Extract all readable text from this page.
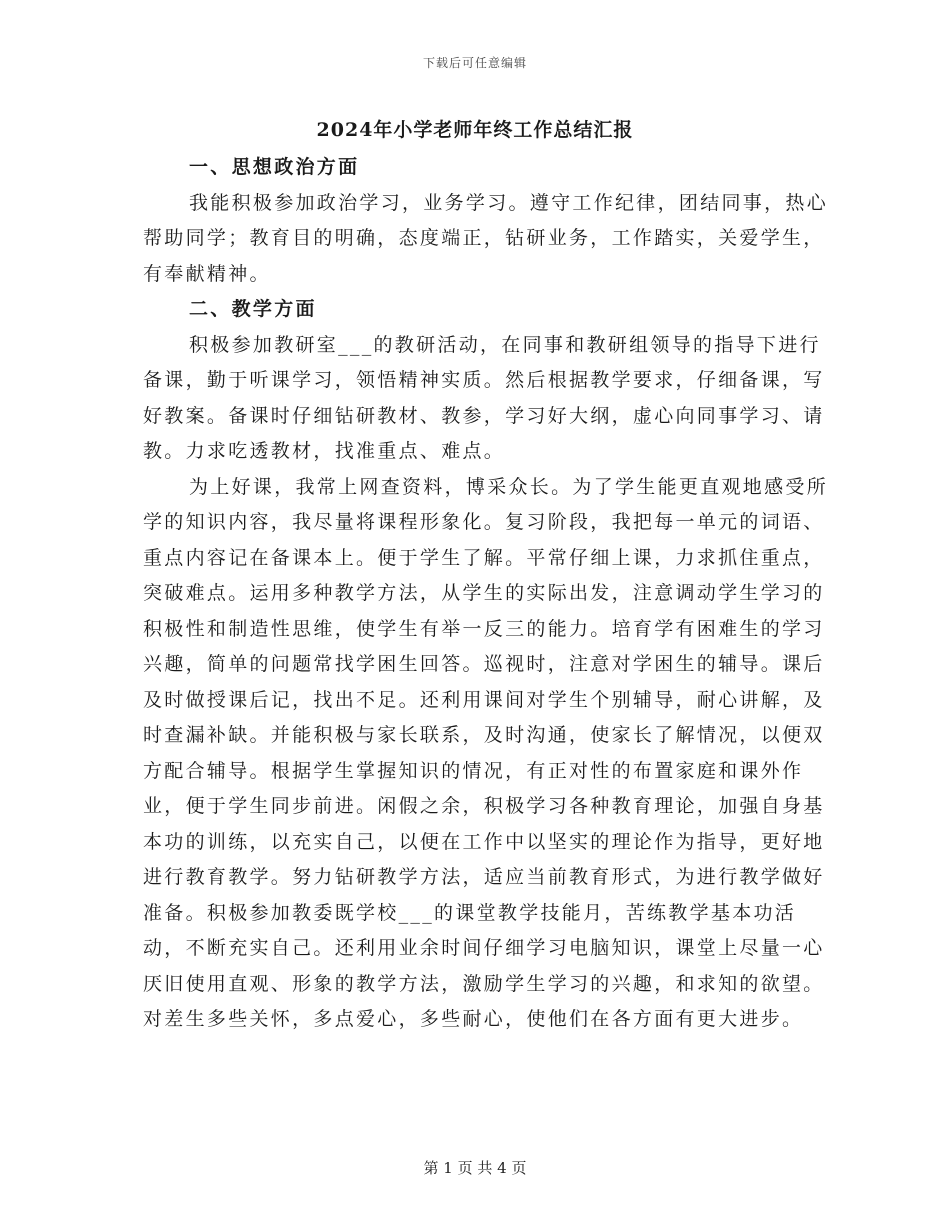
下载后可任意编辑
2024年小学老师年终工作总结汇报

一、思想政治方面

我能积极参加政治学习，业务学习。遵守工作纪律，团结同事，热心帮助同学；教育目的明确，态度端正，钻研业务，工作踏实，关爱学生，有奉献精神。

二、教学方面

积极参加教研室___的教研活动，在同事和教研组领导的指导下进行备课，勤于听课学习，领悟精神实质。然后根据教学要求，仔细备课，写好教案。备课时仔细钻研教材、教参，学习好大纲，虚心向同事学习、请教。力求吃透教材，找准重点、难点。

为上好课，我常上网查资料，博采众长。为了学生能更直观地感受所学的知识内容，我尽量将课程形象化。复习阶段，我把每一单元的词语、重点内容记在备课本上。便于学生了解。平常仔细上课，力求抓住重点，突破难点。运用多种教学方法，从学生的实际出发，注意调动学生学习的积极性和制造性思维，使学生有举一反三的能力。培育学有困难生的学习兴趣，简单的问题常找学困生回答。巡视时，注意对学困生的辅导。课后及时做授课后记，找出不足。还利用课间对学生个别辅导，耐心讲解，及时查漏补缺。并能积极与家长联系，及时沟通，使家长了解情况，以便双方配合辅导。根据学生掌握知识的情况，有正对性的布置家庭和课外作业，便于学生同步前进。闲假之余，积极学习各种教育理论，加强自身基本功的训练，以充实自己，以便在工作中以坚实的理论作为指导，更好地进行教育教学。努力钻研教学方法，适应当前教育形式，为进行教学做好准备。积极参加教委既学校___的课堂教学技能月，苦练教学基本功活动，不断充实自己。还利用业余时间仔细学习电脑知识，课堂上尽量一心厌旧使用直观、形象的教学方法，激励学生学习的兴趣，和求知的欲望。对差生多些关怀，多点爱心，多些耐心，使他们在各方面有更大进步。

第 1 页 共 4 页
